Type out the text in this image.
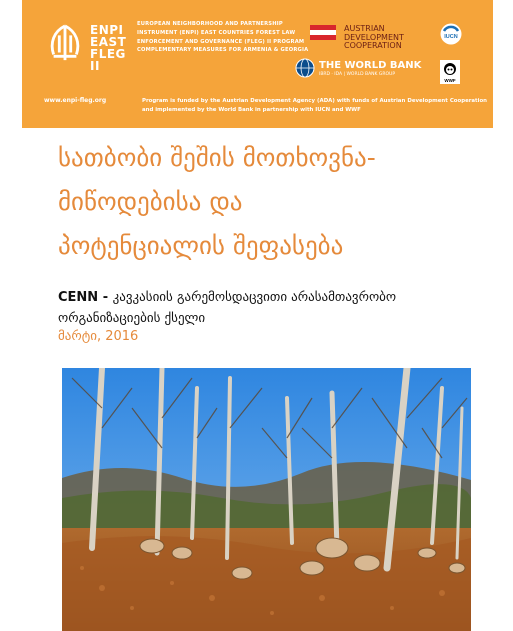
ENPI
EAST
FLEG
II
www.enpi-fleg.org
EUROPEAN NEIGHBORHOOD AND PARTNERSHIP INSTRUMENT (ENPI) EAST COUNTRIES FOREST LAW ENFORCEMENT AND GOVERNANCE (FLEG) II PROGRAM COMPLEMENTARY MEASURES FOR ARMENIA & GEORGIA
AUSTRIAN DEVELOPMENT COOPERATION
THE WORLD BANK
IBRD · IDA | WORLD BANK GROUP
IUCN
WWF
Program is funded by the Austrian Development Agency (ADA) with funds of Austrian Development Cooperation and implemented by the World Bank in partnership with IUCN and WWF
სათბობი შეშის მოთხოვნა-
მიწოდებისა და
პოტენციალის შეფასება
CENN - კავკასიის გარემოსდაცვითი არასამთავრობო
ორგანიზაციების ქსელი
მარტი, 2016
